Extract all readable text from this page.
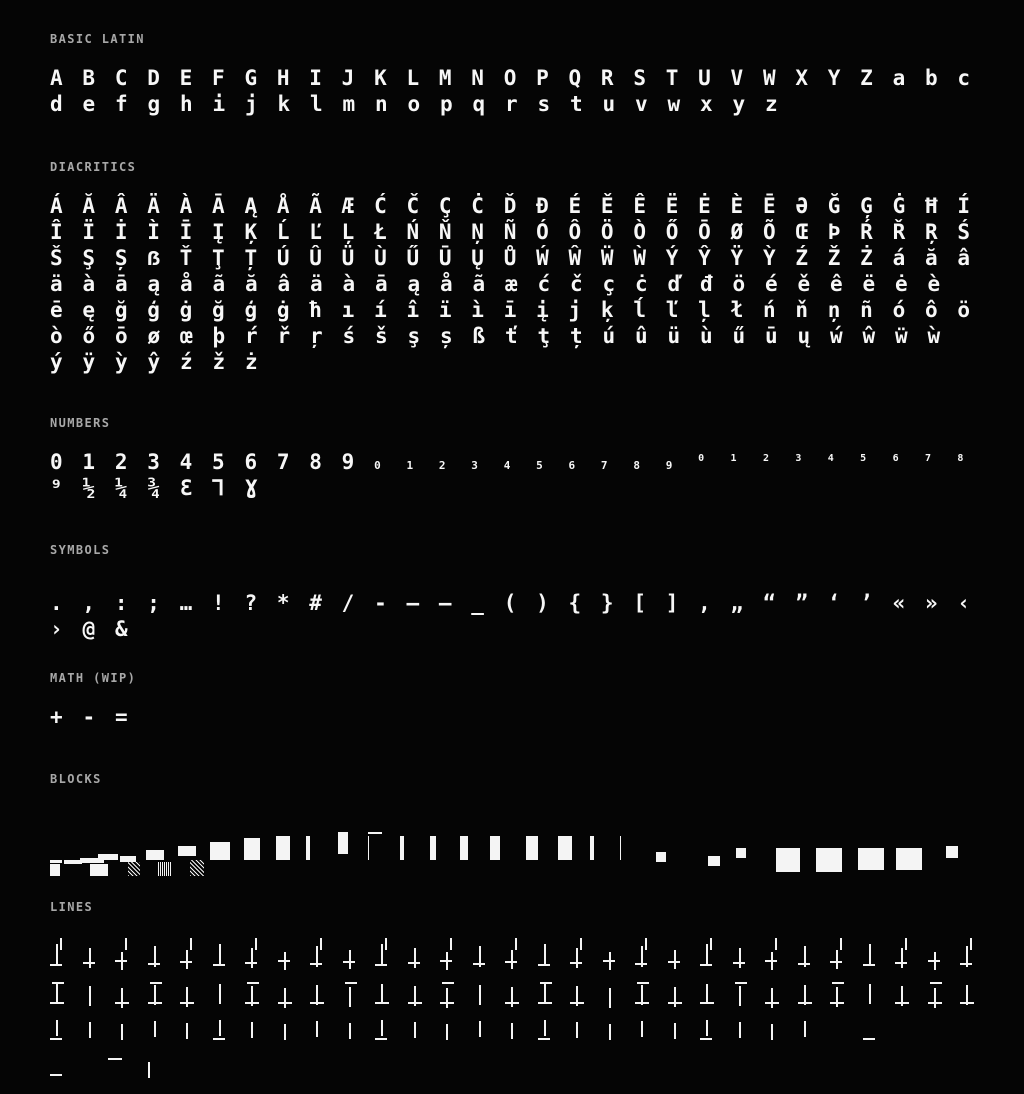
BASIC LATIN
A B C D E F G H I J K L M N O P Q R S T U V W X Y Z a b c
d e f g h i j k l m n o p q r s t u v w x y z
DIACRITICS
Á Ă Â Ä À Ā Ą Å Ã Æ Ć Č Ç Ċ Ď Đ É Ě Ê Ë Ė È Ē Ə Ğ Ģ Ġ Ħ Í
Î Ï İ Ì Ī Į Ķ Ĺ Ľ Ļ Ł Ń Ň Ņ Ñ Ó Ô Ö Ò Ő Ō Ø Õ Œ Þ Ŕ Ř Ŗ Ś
Š Ş Ș ẞ Ť Ţ Ț Ú Û Ü Ù Ű Ū Ų Ů Ẃ Ŵ Ẅ Ẁ Ý Ŷ Ÿ Ỳ Ź Ž Ż á ă â
ä à ā ą å ã ă â ä à ā ą å ã æ ć č ç ċ ď đ ö é ě ê ë ė è
ē ę ğ ģ ġ ğ ģ ġ ħ ı í î ï ì ī į j ķ ĺ ľ ļ ł ń ň ņ ñ ó ô ö
ò ő ō ø œ þ ŕ ř ŗ ś š ş ș ß ť ţ ț ú û ü ù ű ū ų ẃ ŵ ẅ ẁ
ý ÿ ỳ ŷ ź ž ż
NUMBERS
0 1 2 3 4 5 6 7 8 9	0	1	2	3	4	5	6	7	8	9
0	1	2	3	4	5	6	7	8
⁹ ½ ¼ ¾ Ɛ Ꞁ Ɣ
SYMBOLS
. , : ; … ! ? * # / - – — _ ( ) { } [ ] ‚ „ “ ” ‘ ’ « » ‹
› @ &
MATH (WIP)
+ - =
BLOCKS
LINES
